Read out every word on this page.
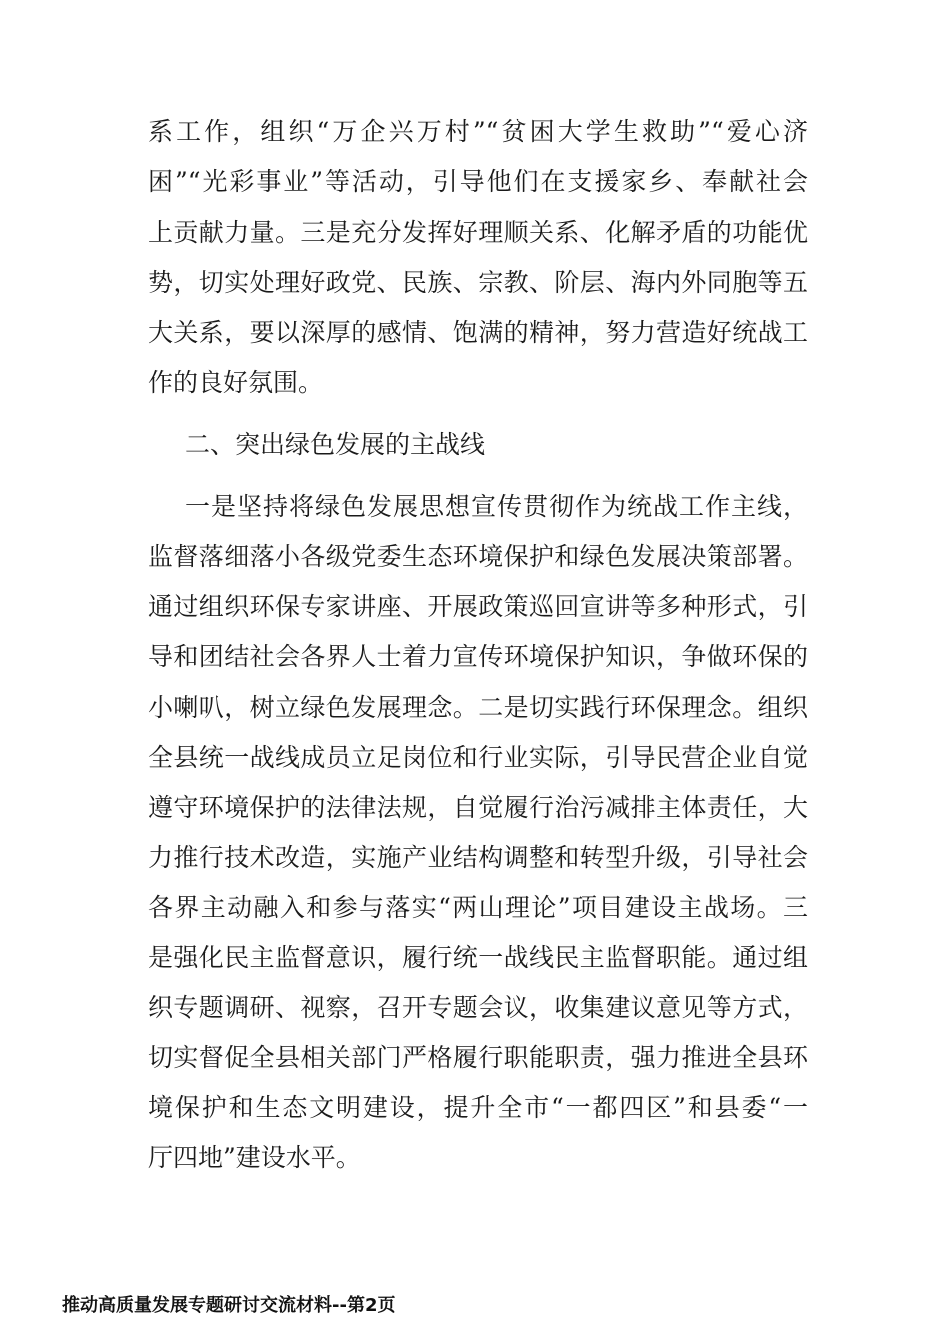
系工作，组织“万企兴万村”“贫困大学生救助”“爱心济
困”“光彩事业”等活动，引导他们在支援家乡、奉献社会
上贡献力量。三是充分发挥好理顺关系、化解矛盾的功能优
势，切实处理好政党、民族、宗教、阶层、海内外同胞等五
大关系，要以深厚的感情、饱满的精神，努力营造好统战工
作的良好氛围。
二、突出绿色发展的主战线
一是坚持将绿色发展思想宣传贯彻作为统战工作主线，
监督落细落小各级党委生态环境保护和绿色发展决策部署。
通过组织环保专家讲座、开展政策巡回宣讲等多种形式，引
导和团结社会各界人士着力宣传环境保护知识，争做环保的
小喇叭，树立绿色发展理念。二是切实践行环保理念。组织
全县统一战线成员立足岗位和行业实际，引导民营企业自觉
遵守环境保护的法律法规，自觉履行治污减排主体责任，大
力推行技术改造，实施产业结构调整和转型升级，引导社会
各界主动融入和参与落实“两山理论”项目建设主战场。三
是强化民主监督意识，履行统一战线民主监督职能。通过组
织专题调研、视察，召开专题会议，收集建议意见等方式，
切实督促全县相关部门严格履行职能职责，强力推进全县环
境保护和生态文明建设，提升全市“一都四区”和县委“一
厅四地”建设水平。
推动高质量发展专题研讨交流材料--第2页
